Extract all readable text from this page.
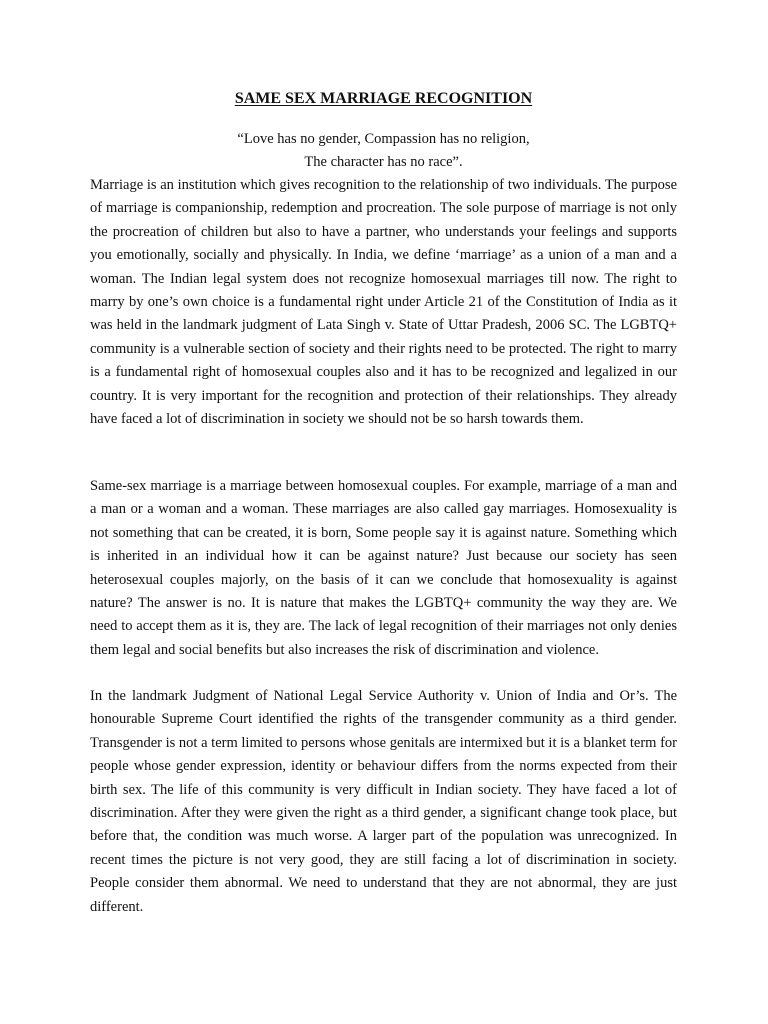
SAME SEX MARRIAGE RECOGNITION

“Love has no gender, Compassion has no religion,
The character has no race”.

Marriage is an institution which gives recognition to the relationship of two individuals. The purpose of marriage is companionship, redemption and procreation. The sole purpose of marriage is not only the procreation of children but also to have a partner, who understands your feelings and supports you emotionally, socially and physically. In India, we define ‘marriage’ as a union of a man and a woman. The Indian legal system does not recognize homosexual marriages till now. The right to marry by one’s own choice is a fundamental right under Article 21 of the Constitution of India as it was held in the landmark judgment of Lata Singh v. State of Uttar Pradesh, 2006 SC. The LGBTQ+ community is a vulnerable section of society and their rights need to be protected. The right to marry is a fundamental right of homosexual couples also and it has to be recognized and legalized in our country. It is very important for the recognition and protection of their relationships. They already have faced a lot of discrimination in society we should not be so harsh towards them.

Same-sex marriage is a marriage between homosexual couples. For example, marriage of a man and a man or a woman and a woman. These marriages are also called gay marriages. Homosexuality is not something that can be created, it is born, Some people say it is against nature. Something which is inherited in an individual how it can be against nature? Just because our society has seen heterosexual couples majorly, on the basis of it can we conclude that homosexuality is against nature? The answer is no. It is nature that makes the LGBTQ+ community the way they are. We need to accept them as it is, they are. The lack of legal recognition of their marriages not only denies them legal and social benefits but also increases the risk of discrimination and violence.

In the landmark Judgment of National Legal Service Authority v. Union of India and Or’s. The honourable Supreme Court identified the rights of the transgender community as a third gender. Transgender is not a term limited to persons whose genitals are intermixed but it is a blanket term for people whose gender expression, identity or behaviour differs from the norms expected from their birth sex. The life of this community is very difficult in Indian society. They have faced a lot of discrimination. After they were given the right as a third gender, a significant change took place, but before that, the condition was much worse. A larger part of the population was unrecognized. In recent times the picture is not very good, they are still facing a lot of discrimination in society. People consider them abnormal. We need to understand that they are not abnormal, they are just different.
